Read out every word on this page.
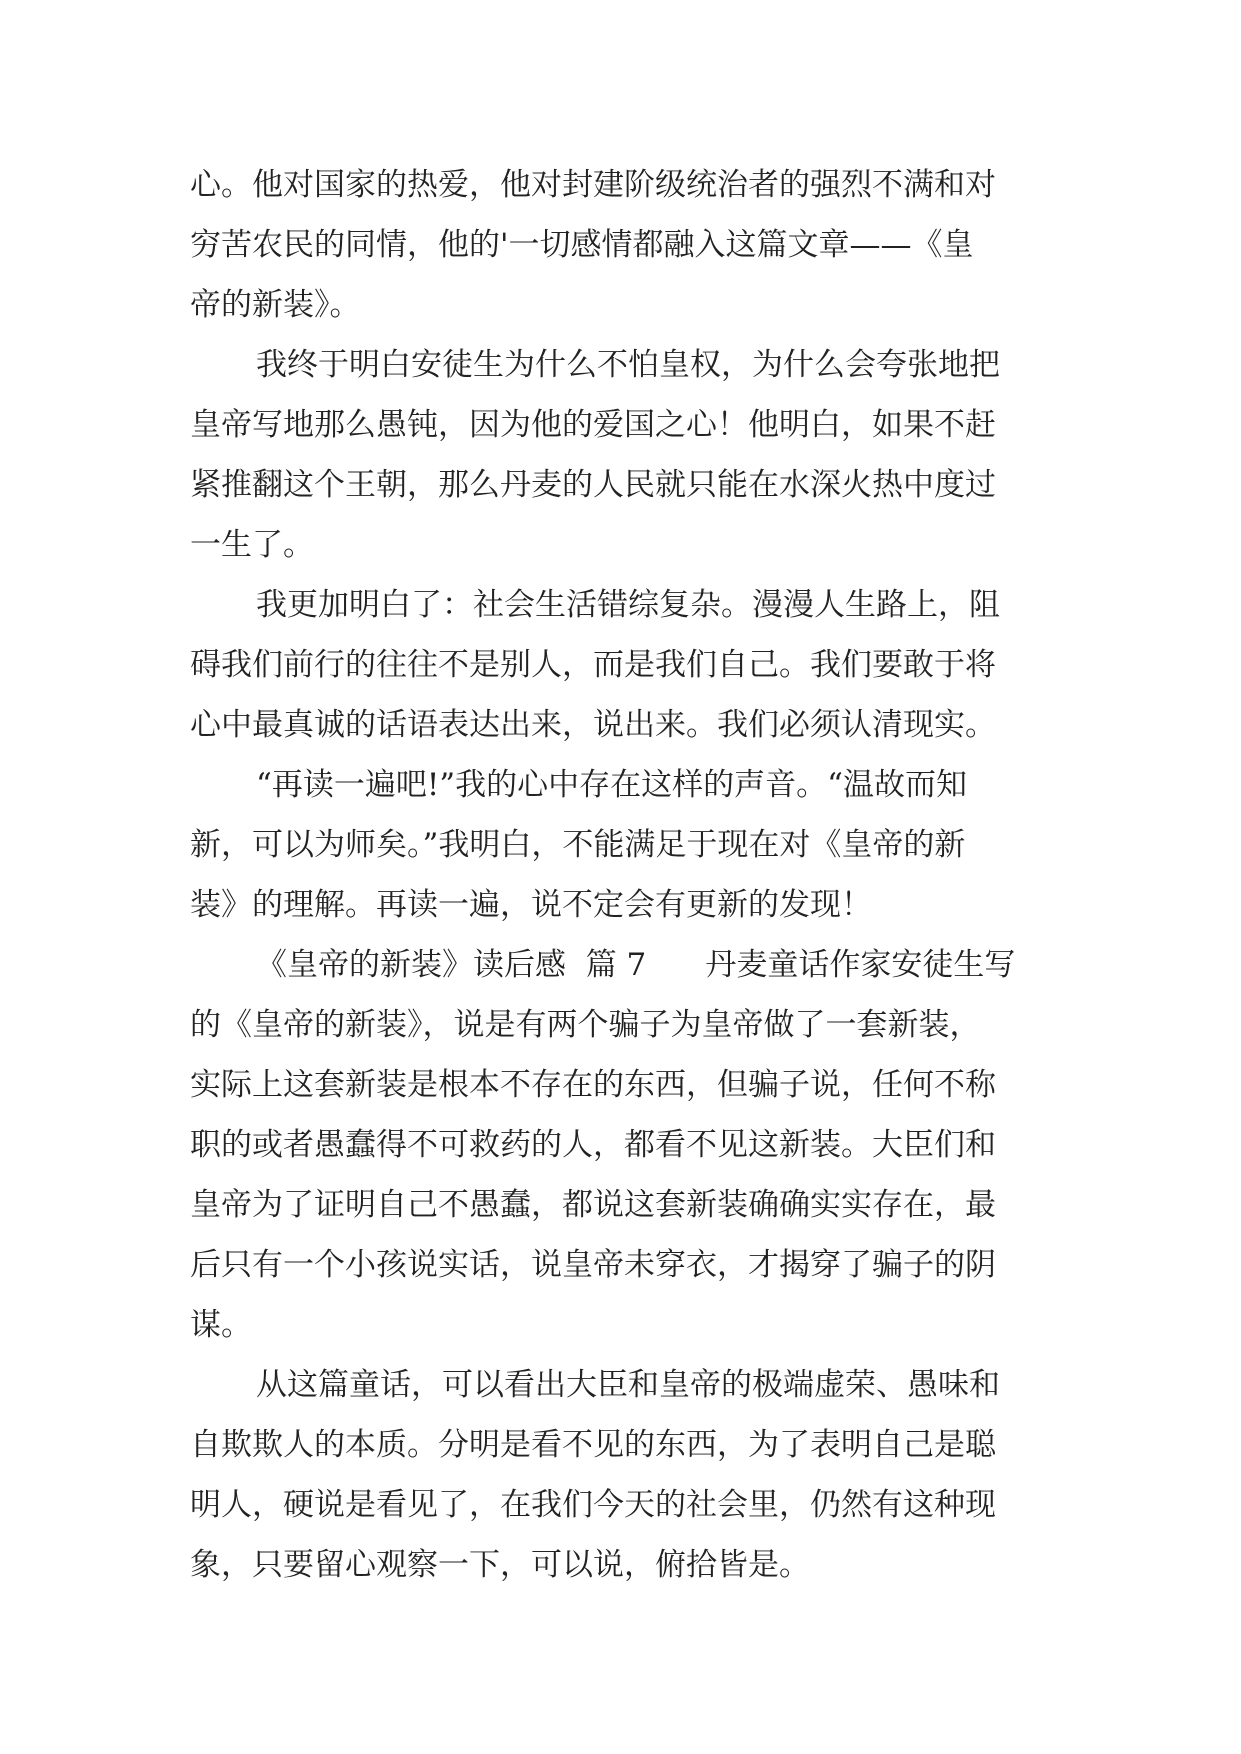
心。他对国家的热爱，他对封建阶级统治者的强烈不满和对
穷苦农民的同情，他的'一切感情都融入这篇文章——《皇
帝的新装》。
我终于明白安徒生为什么不怕皇权，为什么会夸张地把
皇帝写地那么愚钝，因为他的爱国之心！他明白，如果不赶
紧推翻这个王朝，那么丹麦的人民就只能在水深火热中度过
一生了。
我更加明白了：社会生活错综复杂。漫漫人生路上，阻
碍我们前行的往往不是别人，而是我们自己。我们要敢于将
心中最真诚的话语表达出来，说出来。我们必须认清现实。
“再读一遍吧!”我的心中存在这样的声音。“温故而知
新，可以为师矣。”我明白，不能满足于现在对《皇帝的新
装》的理解。再读一遍，说不定会有更新的发现！
《皇帝的新装》读后感  篇 7      丹麦童话作家安徒生写
的《皇帝的新装》，说是有两个骗子为皇帝做了一套新装，
实际上这套新装是根本不存在的东西，但骗子说，任何不称
职的或者愚蠢得不可救药的人，都看不见这新装。大臣们和
皇帝为了证明自己不愚蠢，都说这套新装确确实实存在，最
后只有一个小孩说实话，说皇帝未穿衣，才揭穿了骗子的阴
谋。
从这篇童话，可以看出大臣和皇帝的极端虚荣、愚味和
自欺欺人的本质。分明是看不见的东西，为了表明自己是聪
明人，硬说是看见了，在我们今天的社会里，仍然有这种现
象，只要留心观察一下，可以说，俯拾皆是。
